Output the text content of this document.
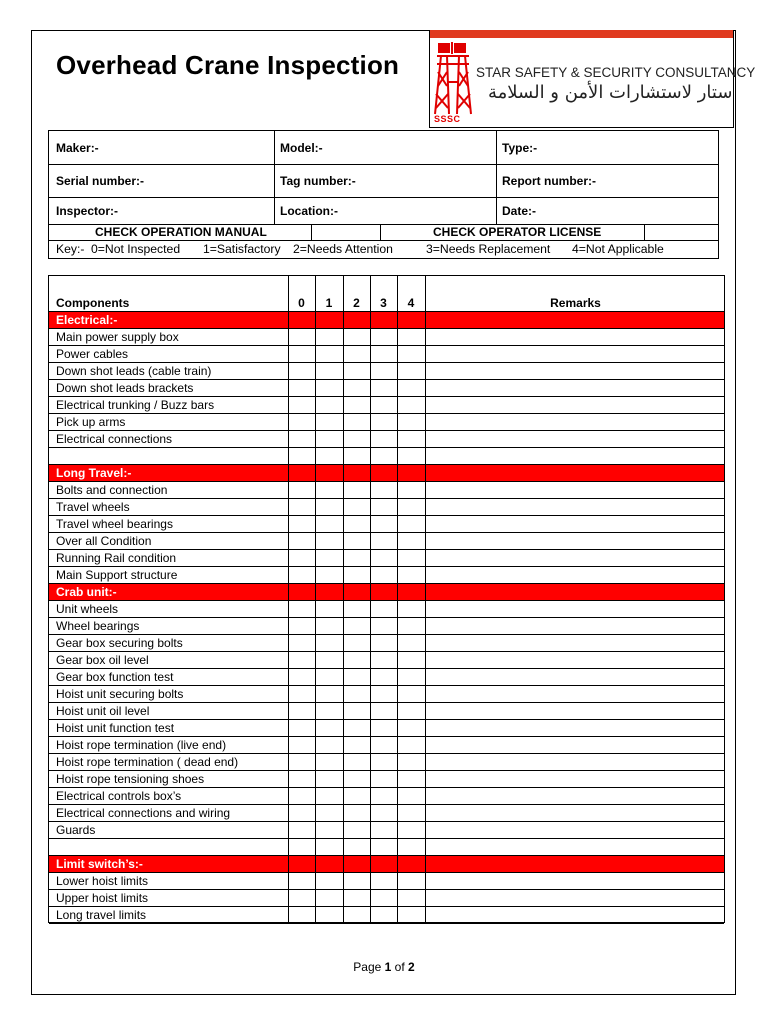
Overhead Crane Inspection
SSSC
STAR SAFETY & SECURITY CONSULTANCY
ستار لاستشارات الأمن و السلامة
Maker:-	Model:-	Type:-
Serial number:-	Tag number:-	Report number:-
Inspector:-	Location:-	Date:-
CHECK OPERATION MANUAL	CHECK OPERATOR LICENSE
Key:- 0=Not Inspected 1=Satisfactory 2=Needs Attention	3=Needs Replacement 4=Not Applicable
Components	0	1	2	3	4	Remarks
Electrical:-
Main power supply box
Power cables
Down shot leads (cable train)
Down shot leads brackets
Electrical trunking / Buzz bars
Pick up arms
Electrical connections
Long Travel:-
Bolts and connection
Travel wheels
Travel wheel bearings
Over all Condition
Running Rail condition
Main Support structure
Crab unit:-
Unit wheels
Wheel bearings
Gear box securing bolts
Gear box oil level
Gear box function test
Hoist unit securing bolts
Hoist unit oil level
Hoist unit function test
Hoist rope termination (live end)
Hoist rope termination ( dead end)
Hoist rope tensioning shoes
Electrical controls box’s
Electrical connections and wiring
Guards
Limit switch’s:-
Lower hoist limits
Upper hoist limits
Long travel limits
Page 1 of 2
